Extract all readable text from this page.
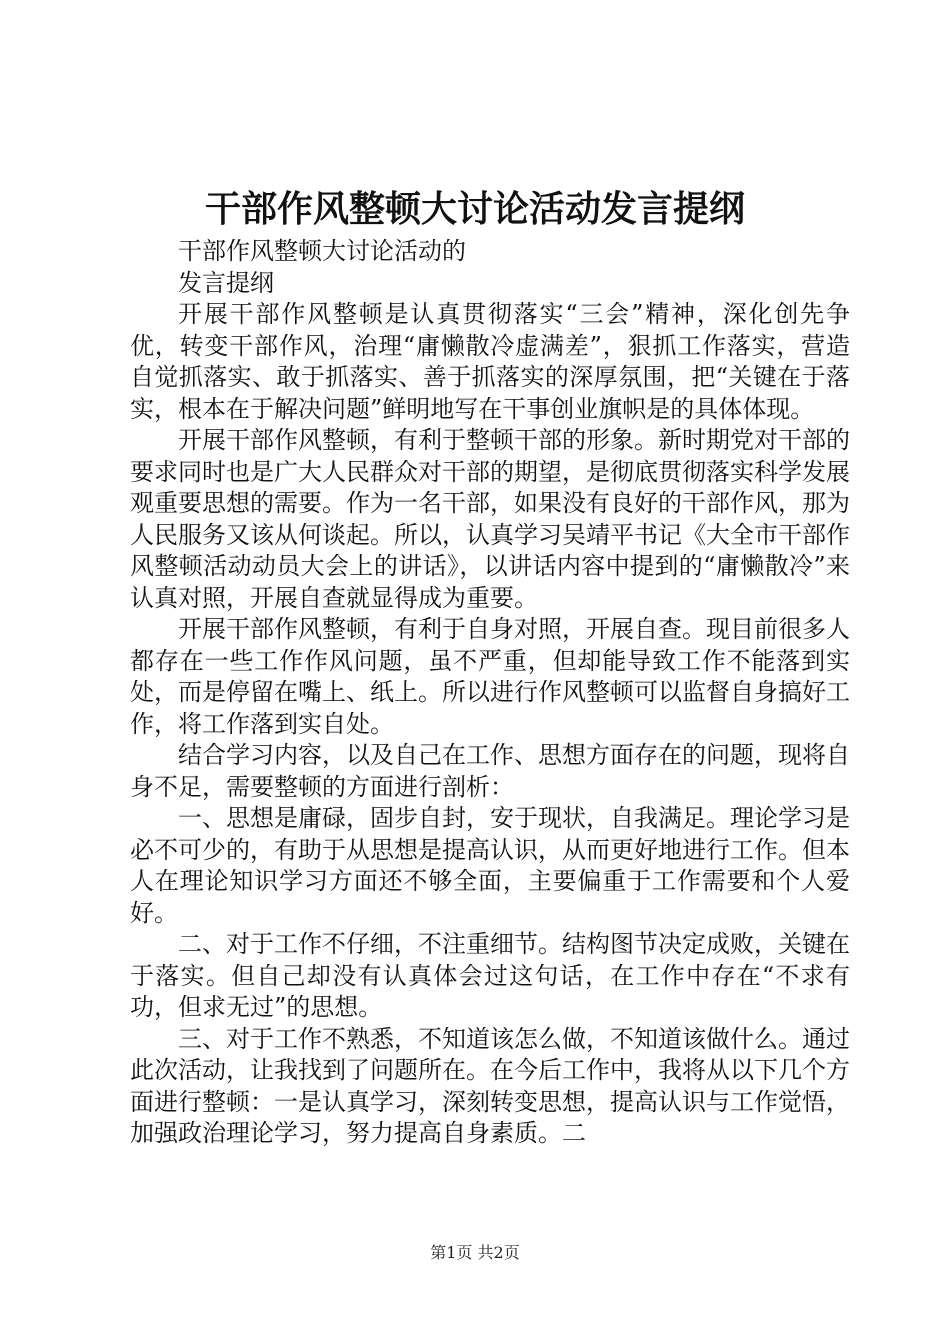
干部作风整顿大讨论活动发言提纲

干部作风整顿大讨论活动的

发言提纲

开展干部作风整顿是认真贯彻落实“三会”精神，深化创先争优，转变干部作风，治理“庸懒散冷虚满差”，狠抓工作落实，营造自觉抓落实、敢于抓落实、善于抓落实的深厚氛围，把“关键在于落实，根本在于解决问题”鲜明地写在干事创业旗帜是的具体体现。

开展干部作风整顿，有利于整顿干部的形象。新时期党对干部的要求同时也是广大人民群众对干部的期望，是彻底贯彻落实科学发展观重要思想的需要。作为一名干部，如果没有良好的干部作风，那为人民服务又该从何谈起。所以，认真学习吴靖平书记《大全市干部作风整顿活动动员大会上的讲话》，以讲话内容中提到的“庸懒散冷”来认真对照，开展自查就显得成为重要。

开展干部作风整顿，有利于自身对照，开展自查。现目前很多人都存在一些工作作风问题，虽不严重，但却能导致工作不能落到实处，而是停留在嘴上、纸上。所以进行作风整顿可以监督自身搞好工作，将工作落到实自处。

结合学习内容，以及自己在工作、思想方面存在的问题，现将自身不足，需要整顿的方面进行剖析：

一、思想是庸碌，固步自封，安于现状，自我满足。理论学习是必不可少的，有助于从思想是提高认识，从而更好地进行工作。但本人在理论知识学习方面还不够全面，主要偏重于工作需要和个人爱好。

二、对于工作不仔细，不注重细节。结构图节决定成败，关键在于落实。但自己却没有认真体会过这句话，在工作中存在“不求有功，但求无过”的思想。

三、对于工作不熟悉，不知道该怎么做，不知道该做什么。通过此次活动，让我找到了问题所在。在今后工作中，我将从以下几个方面进行整顿：一是认真学习，深刻转变思想，提高认识与工作觉悟，加强政治理论学习，努力提高自身素质。二

第1页 共2页
